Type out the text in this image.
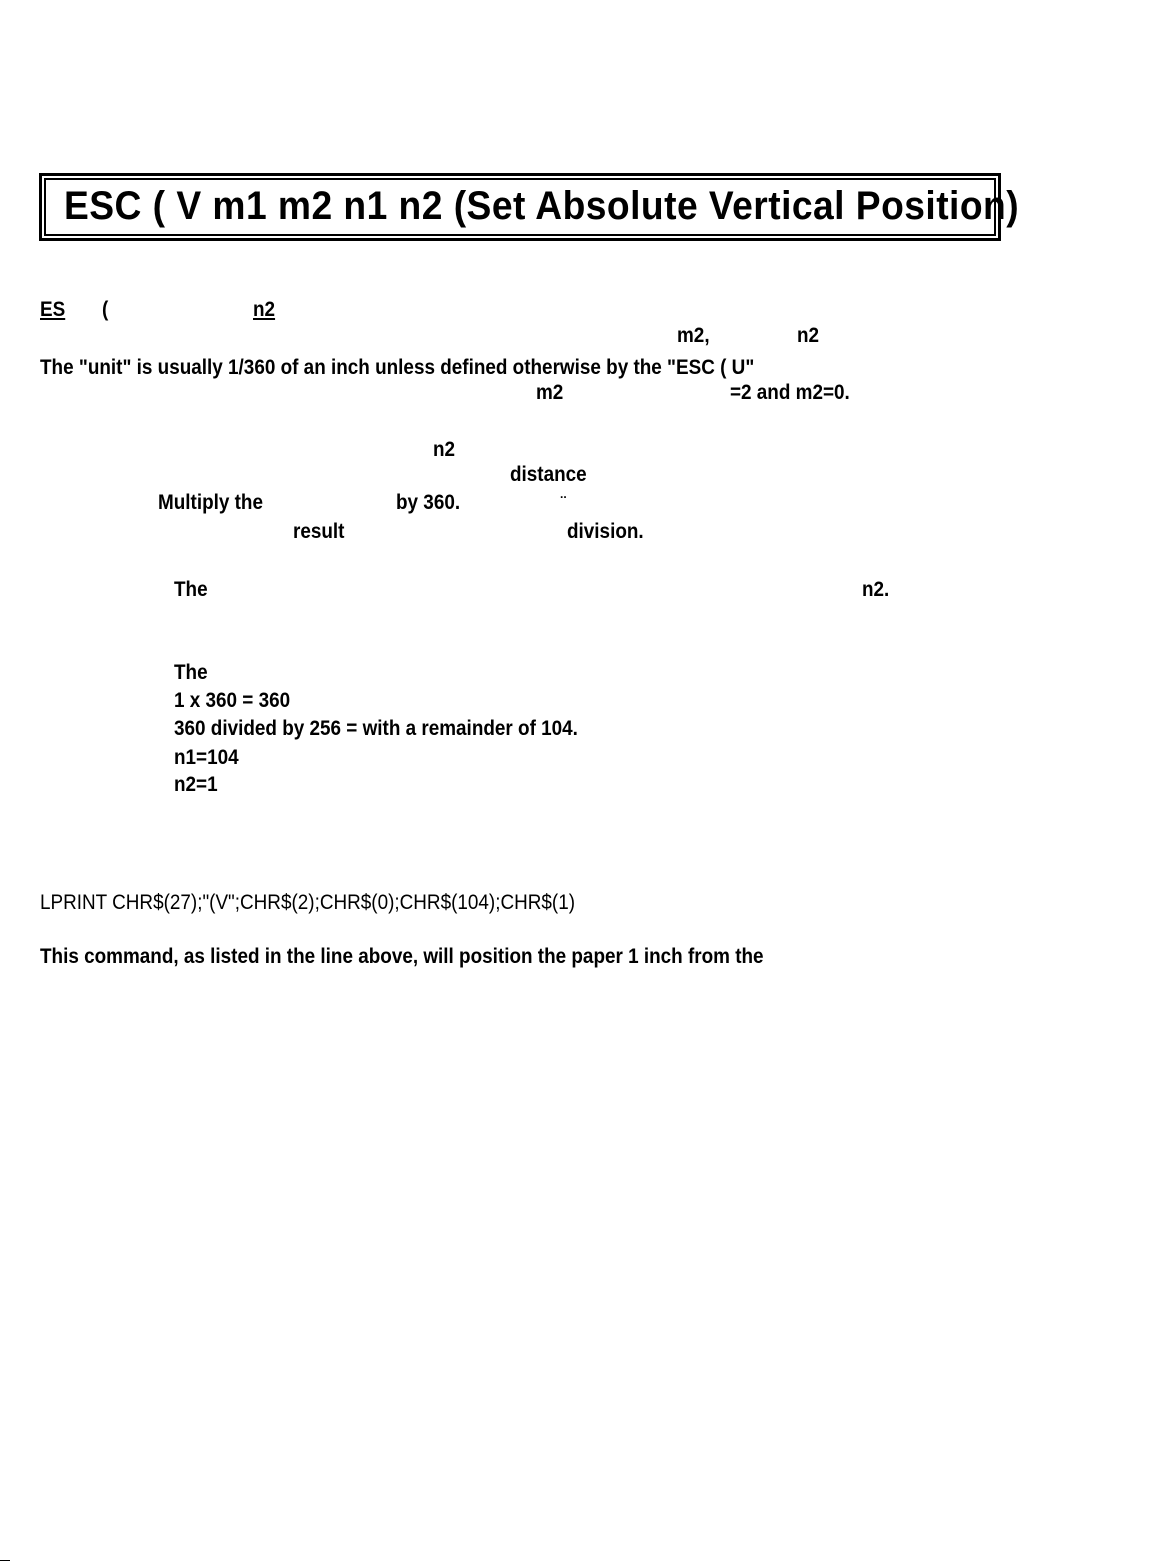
ESC ( V m1 m2 n1 n2 (Set Absolute Vertical Position)
ES (	n2
m2,	n2
The "unit" is usually 1/360 of an inch unless defined otherwise by the "ESC ( U"
m2	=2 and m2=0.
n2
distance
Multiply the	by 360.	..
result	division.
The	n2.
The
1 x 360 = 360
360 divided by 256 = with a remainder of 104.
n1=104
n2=1
LPRINT CHR$(27);"(V";CHR$(2);CHR$(0);CHR$(104);CHR$(1)
This command, as listed in the line above, will position the paper 1 inch from the
